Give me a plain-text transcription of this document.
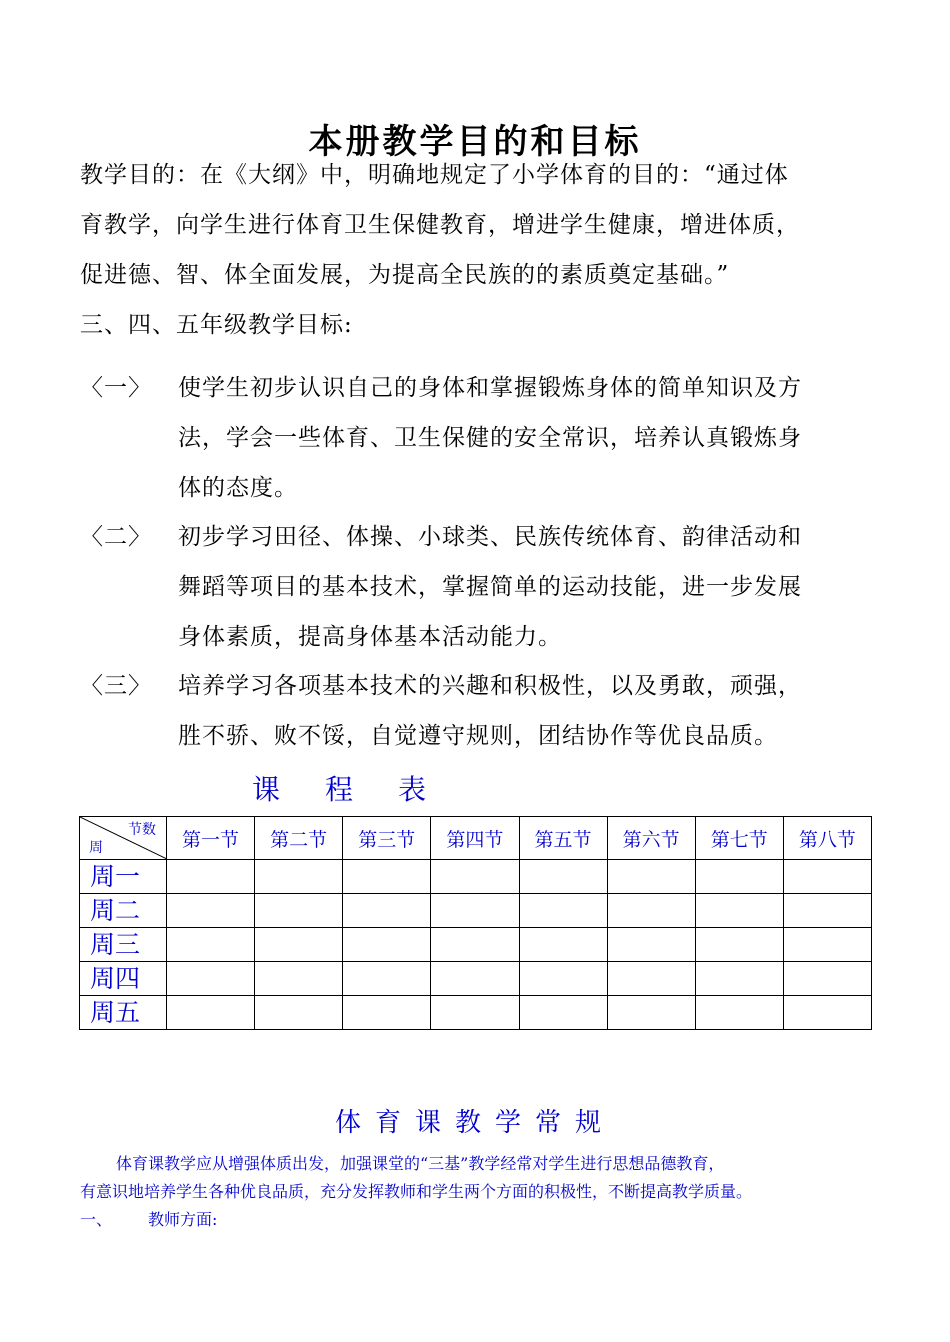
本册教学目的和目标

教学目的：在《大纲》中，明确地规定了小学体育的目的：“通过体
育教学，向学生进行体育卫生保健教育，增进学生健康，增进体质，
促进德、智、体全面发展，为提高全民族的的素质奠定基础。”
三、四、五年级教学目标:

〈一〉 使学生初步认识自己的身体和掌握锻炼身体的简单知识及方
法，学会一些体育、卫生保健的安全常识，培养认真锻炼身
体的态度。
〈二〉 初步学习田径、体操、小球类、民族传统体育、韵律活动和
舞蹈等项目的基本技术，掌握简单的运动技能，进一步发展
身体素质，提高身体基本活动能力。
〈三〉 培养学习各项基本技术的兴趣和积极性，以及勇敢，顽强，
胜不骄、败不馁，自觉遵守规则，团结协作等优良品质。
课 程 表
节数
周	第一节	第二节	第三节	第四节	第五节	第六节	第七节	第八节
周一								
周二								
周三								
周四								
周五								
体育课教学常规
体育课教学应从增强体质出发，加强课堂的“三基”教学经常对学生进行思想品德教育，
有意识地培养学生各种优良品质，充分发挥教师和学生两个方面的积极性，不断提高教学质量。
一、 教师方面:
